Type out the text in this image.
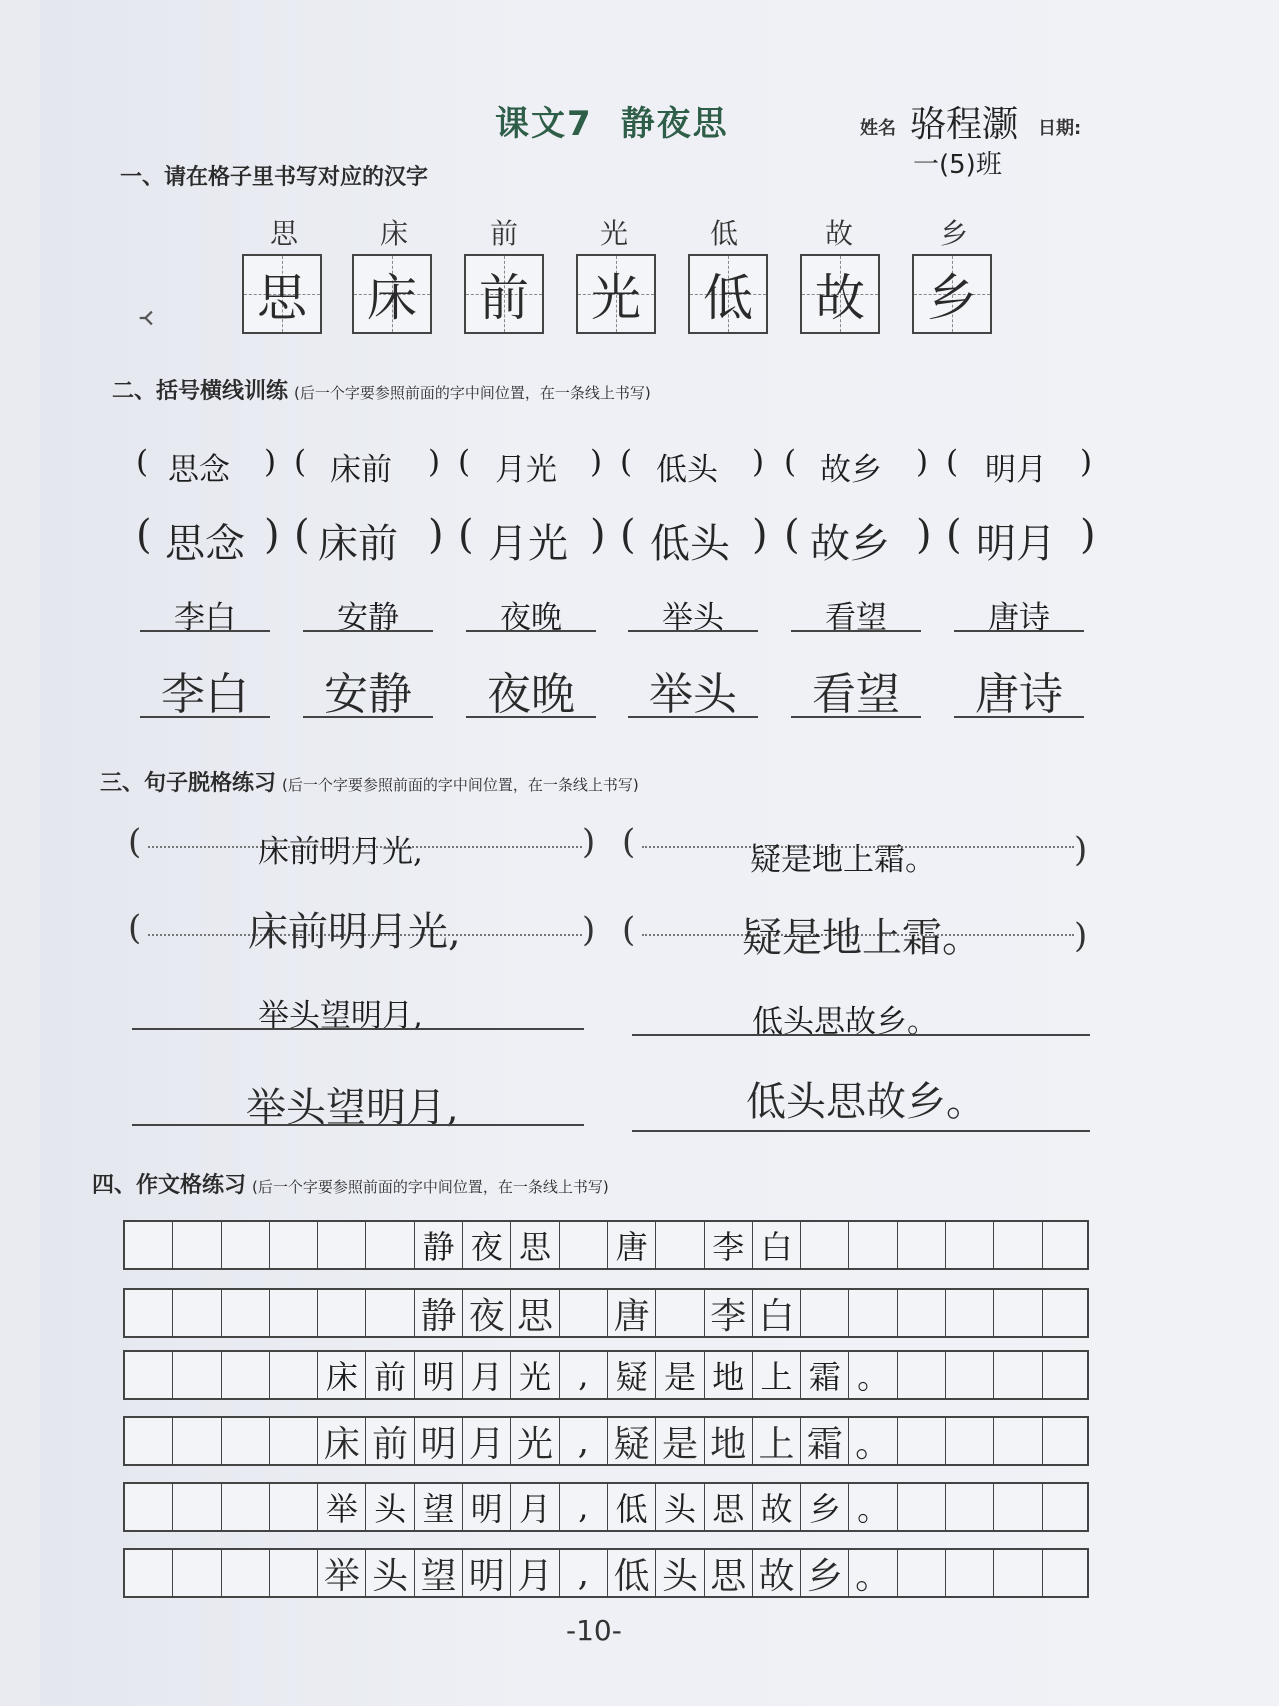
课文7 静夜思	姓名 骆程灏 日期:
一(5)班
一、请在格子里书写对应的汉字
思	床	前	光	低	故	乡
᚜ 思 床 前 光 低 故 乡
二、括号横线训练 (后一个字要参照前面的字中间位置，在一条线上书写)
( 思念 ) ( 床前 ) ( 月光 ) ( 低头 ) ( 故乡 ) ( 明月 )
( 思念 ) ( 床前 ) ( 月光 ) ( 低头 ) ( 故乡 ) ( 明月 )
李白	安静	夜晚	举头	看望	唐诗
李白	安静	夜晚	举头	看望	唐诗
三、句子脱格练习 (后一个字要参照前面的字中间位置，在一条线上书写)
(	床前明月光,	) (	疑是地上霜。	)
(	床前明月光,	) (	疑是地上霜。	)
举头望明月,	低头思故乡。
举头望明月,	低头思故乡。
四、作文格练习 (后一个字要参照前面的字中间位置，在一条线上书写)
静 夜 思 唐 李 白
静 夜 思 唐 李 白
床 前 明 月 光 , 疑 是 地 上 霜 。
床 前 明 月 光 , 疑 是 地 上 霜 。
举 头 望 明 月 , 低 头 思 故 乡 。
举 头 望 明 月 , 低 头 思 故 乡 。
-10-
